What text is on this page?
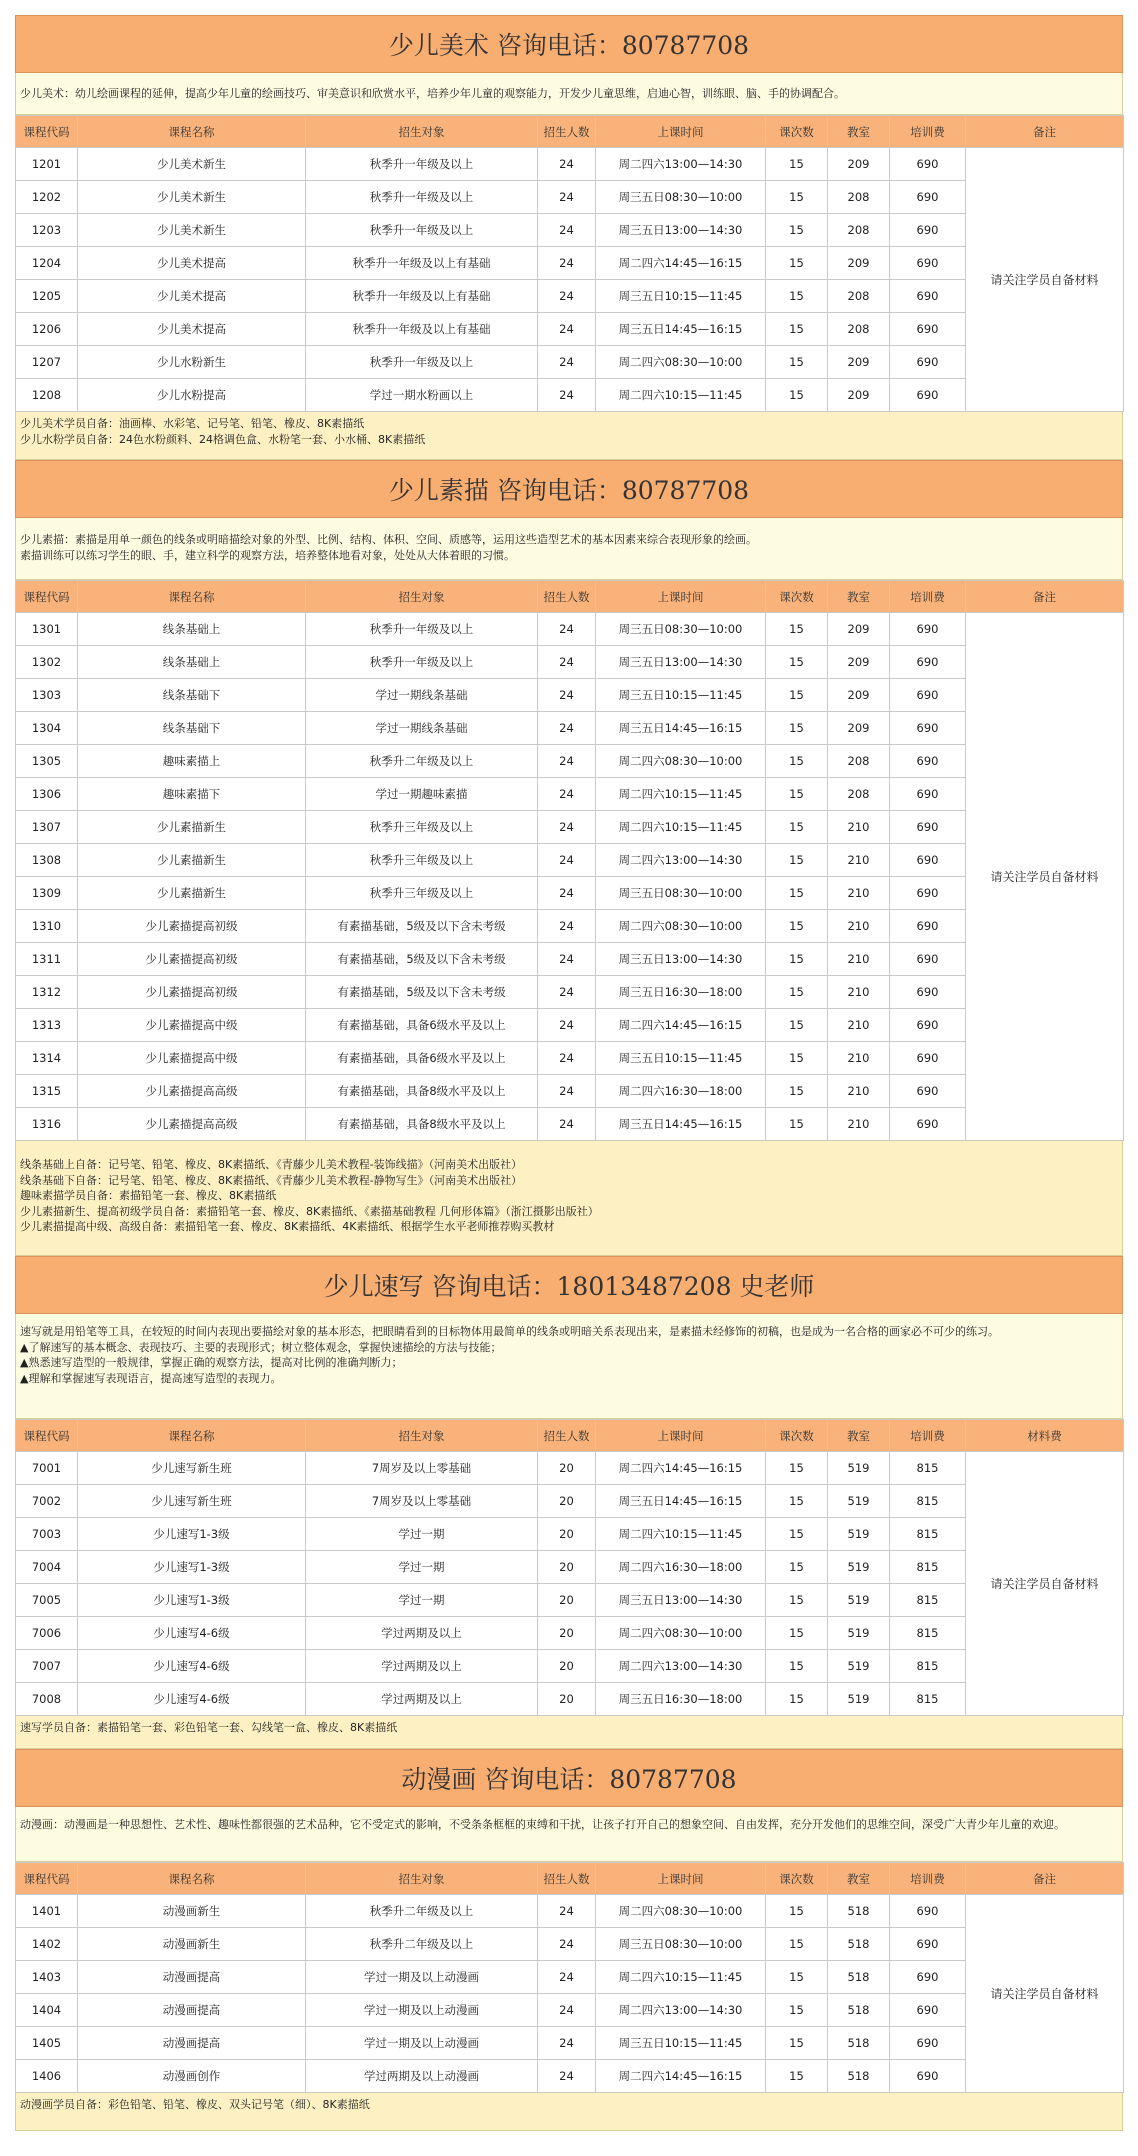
少儿美术 咨询电话：80787708
少儿美术：幼儿绘画课程的延伸，提高少年儿童的绘画技巧、审美意识和欣赏水平，培养少年儿童的观察能力，开发少儿童思维，启迪心智，训练眼、脑、手的协调配合。
课程代码	课程名称	招生对象	招生人数	上课时间	课次数	教室	培训费	备注
1201	少儿美术新生	秋季升一年级及以上	24	周二四六13:00—14:30	15	209	690	请关注学员自备材料
1202	少儿美术新生	秋季升一年级及以上	24	周三五日08:30—10:00	15	208	690	
1203	少儿美术新生	秋季升一年级及以上	24	周三五日13:00—14:30	15	208	690	
1204	少儿美术提高	秋季升一年级及以上有基础	24	周二四六14:45—16:15	15	209	690	
1205	少儿美术提高	秋季升一年级及以上有基础	24	周三五日10:15—11:45	15	208	690	
1206	少儿美术提高	秋季升一年级及以上有基础	24	周三五日14:45—16:15	15	208	690	
1207	少儿水粉新生	秋季升一年级及以上	24	周二四六08:30—10:00	15	209	690	
1208	少儿水粉提高	学过一期水粉画以上	24	周二四六10:15—11:45	15	209	690	
少儿美术学员自备：油画棒、水彩笔、记号笔、铅笔、橡皮、8K素描纸
少儿水粉学员自备：24色水粉颜料、24格调色盒、水粉笔一套、小水桶、8K素描纸
少儿素描 咨询电话：80787708
少儿素描：素描是用单一颜色的线条或明暗描绘对象的外型、比例、结构、体积、空间、质感等，运用这些造型艺术的基本因素来综合表现形象的绘画。
素描训练可以练习学生的眼、手，建立科学的观察方法，培养整体地看对象，处处从大体着眼的习惯。
课程代码	课程名称	招生对象	招生人数	上课时间	课次数	教室	培训费	备注
1301	线条基础上	秋季升一年级及以上	24	周三五日08:30—10:00	15	209	690	请关注学员自备材料
1302	线条基础上	秋季升一年级及以上	24	周三五日13:00—14:30	15	209	690	
1303	线条基础下	学过一期线条基础	24	周三五日10:15—11:45	15	209	690	
1304	线条基础下	学过一期线条基础	24	周三五日14:45—16:15	15	209	690	
1305	趣味素描上	秋季升二年级及以上	24	周二四六08:30—10:00	15	208	690	
1306	趣味素描下	学过一期趣味素描	24	周二四六10:15—11:45	15	208	690	
1307	少儿素描新生	秋季升三年级及以上	24	周二四六10:15—11:45	15	210	690	
1308	少儿素描新生	秋季升三年级及以上	24	周二四六13:00—14:30	15	210	690	
1309	少儿素描新生	秋季升三年级及以上	24	周三五日08:30—10:00	15	210	690	
1310	少儿素描提高初级	有素描基础，5级及以下含未考级	24	周二四六08:30—10:00	15	210	690	
1311	少儿素描提高初级	有素描基础，5级及以下含未考级	24	周三五日13:00—14:30	15	210	690	
1312	少儿素描提高初级	有素描基础，5级及以下含未考级	24	周三五日16:30—18:00	15	210	690	
1313	少儿素描提高中级	有素描基础，具备6级水平及以上	24	周二四六14:45—16:15	15	210	690	
1314	少儿素描提高中级	有素描基础，具备6级水平及以上	24	周三五日10:15—11:45	15	210	690	
1315	少儿素描提高高级	有素描基础，具备8级水平及以上	24	周二四六16:30—18:00	15	210	690	
1316	少儿素描提高高级	有素描基础，具备8级水平及以上	24	周三五日14:45—16:15	15	210	690	
线条基础上自备：记号笔、铅笔、橡皮、8K素描纸、《青藤少儿美术教程-装饰线描》（河南美术出版社）
线条基础下自备：记号笔、铅笔、橡皮、8K素描纸、《青藤少儿美术教程-静物写生》（河南美术出版社）
趣味素描学员自备：素描铅笔一套、橡皮、8K素描纸
少儿素描新生、提高初级学员自备：素描铅笔一套、橡皮、8K素描纸、《素描基础教程 几何形体篇》（浙江摄影出版社）
少儿素描提高中级、高级自备：素描铅笔一套、橡皮、8K素描纸、4K素描纸、根据学生水平老师推荐购买教材
少儿速写 咨询电话：18013487208 史老师
速写就是用铅笔等工具，在较短的时间内表现出要描绘对象的基本形态，把眼睛看到的目标物体用最简单的线条或明暗关系表现出来，是素描未经修饰的初稿，也是成为一名合格的画家必不可少的练习。
▲了解速写的基本概念、表现技巧、主要的表现形式；树立整体观念，掌握快速描绘的方法与技能；
▲熟悉速写造型的一般规律，掌握正确的观察方法，提高对比例的准确判断力；
▲理解和掌握速写表现语言，提高速写造型的表现力。
课程代码	课程名称	招生对象	招生人数	上课时间	课次数	教室	培训费	材料费
7001	少儿速写新生班	7周岁及以上零基础	20	周二四六14:45—16:15	15	519	815	请关注学员自备材料
7002	少儿速写新生班	7周岁及以上零基础	20	周三五日14:45—16:15	15	519	815	
7003	少儿速写1-3级	学过一期	20	周二四六10:15—11:45	15	519	815	
7004	少儿速写1-3级	学过一期	20	周二四六16:30—18:00	15	519	815	
7005	少儿速写1-3级	学过一期	20	周三五日13:00—14:30	15	519	815	
7006	少儿速写4-6级	学过两期及以上	20	周二四六08:30—10:00	15	519	815	
7007	少儿速写4-6级	学过两期及以上	20	周二四六13:00—14:30	15	519	815	
7008	少儿速写4-6级	学过两期及以上	20	周三五日16:30—18:00	15	519	815	
速写学员自备：素描铅笔一套、彩色铅笔一套、勾线笔一盒、橡皮、8K素描纸
动漫画 咨询电话：80787708
动漫画：动漫画是一种思想性、艺术性、趣味性都很强的艺术品种，它不受定式的影响，不受条条框框的束缚和干扰，让孩子打开自己的想象空间、自由发挥，充分开发他们的思维空间，深受广大青少年儿童的欢迎。
课程代码	课程名称	招生对象	招生人数	上课时间	课次数	教室	培训费	备注
1401	动漫画新生	秋季升二年级及以上	24	周二四六08:30—10:00	15	518	690	请关注学员自备材料
1402	动漫画新生	秋季升二年级及以上	24	周三五日08:30—10:00	15	518	690	
1403	动漫画提高	学过一期及以上动漫画	24	周二四六10:15—11:45	15	518	690	
1404	动漫画提高	学过一期及以上动漫画	24	周二四六13:00—14:30	15	518	690	
1405	动漫画提高	学过一期及以上动漫画	24	周三五日10:15—11:45	15	518	690	
1406	动漫画创作	学过两期及以上动漫画	24	周二四六14:45—16:15	15	518	690	
动漫画学员自备：彩色铅笔、铅笔、橡皮、双头记号笔（细）、8K素描纸
